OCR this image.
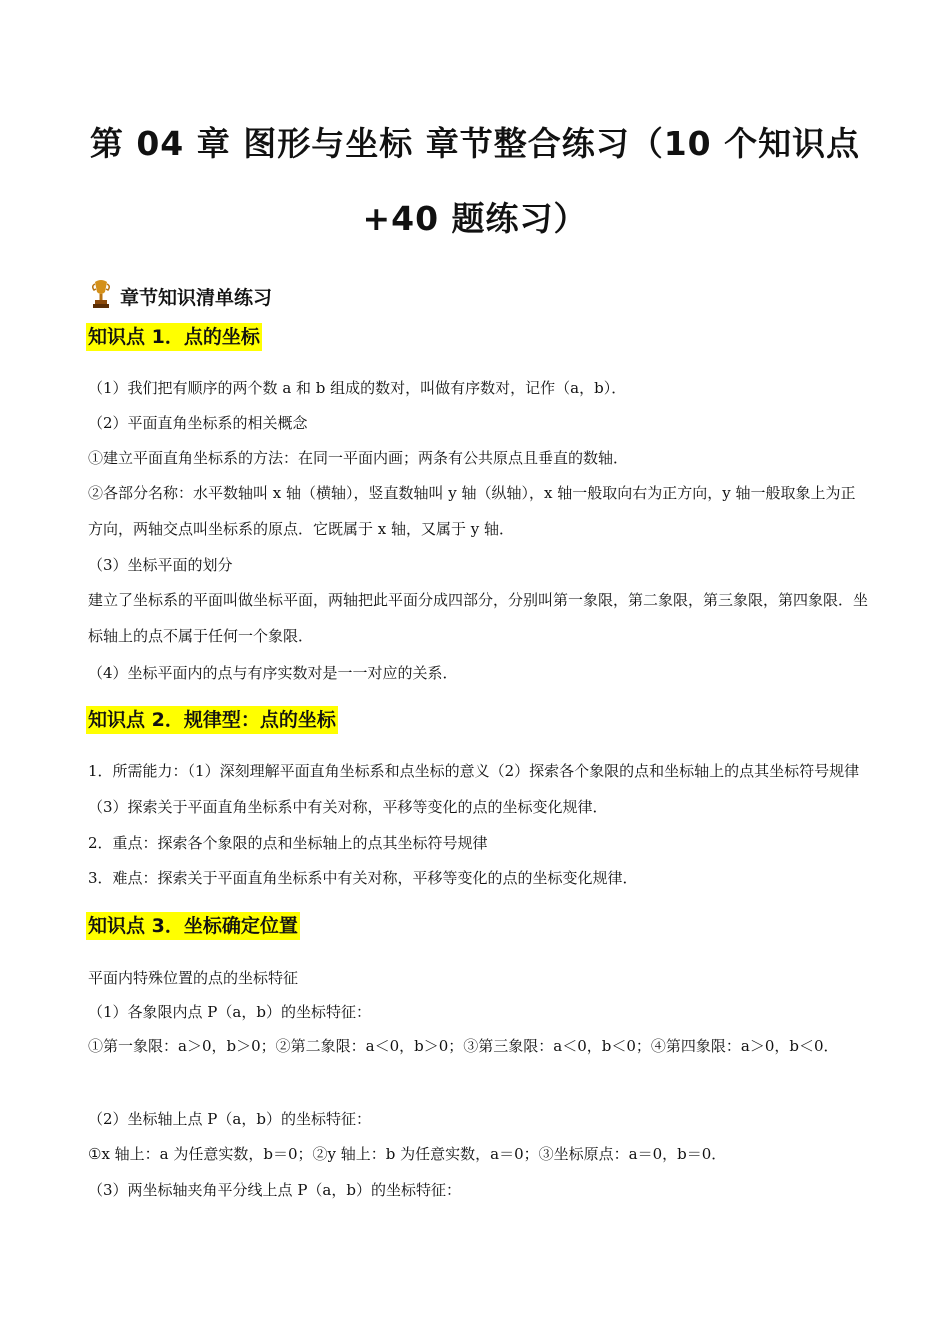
第 04 章 图形与坐标 章节整合练习（10 个知识点
+40 题练习）
章节知识清单练习
知识点 1．点的坐标
（1）我们把有顺序的两个数 a 和 b 组成的数对，叫做有序数对，记作（a，b）．
（2）平面直角坐标系的相关概念
①建立平面直角坐标系的方法：在同一平面内画；两条有公共原点且垂直的数轴．
②各部分名称：水平数轴叫 x 轴（横轴），竖直数轴叫 y 轴（纵轴），x 轴一般取向右为正方向，y 轴一般取象上为正方向，两轴交点叫坐标系的原点．它既属于 x 轴，又属于 y 轴．
（3）坐标平面的划分
建立了坐标系的平面叫做坐标平面，两轴把此平面分成四部分，分别叫第一象限，第二象限，第三象限，第四象限．坐标轴上的点不属于任何一个象限．
（4）坐标平面内的点与有序实数对是一一对应的关系．
知识点 2．规律型：点的坐标
1．所需能力：（1）深刻理解平面直角坐标系和点坐标的意义（2）探索各个象限的点和坐标轴上的点其坐标符号规律（3）探索关于平面直角坐标系中有关对称，平移等变化的点的坐标变化规律．
2．重点：探索各个象限的点和坐标轴上的点其坐标符号规律
3．难点：探索关于平面直角坐标系中有关对称，平移等变化的点的坐标变化规律．
知识点 3．坐标确定位置
平面内特殊位置的点的坐标特征
（1）各象限内点 P（a，b）的坐标特征：
①第一象限：a＞0，b＞0；②第二象限：a＜0，b＞0；③第三象限：a＜0，b＜0；④第四象限：a＞0，b＜0．
（2）坐标轴上点 P（a，b）的坐标特征：
①x 轴上：a 为任意实数，b＝0；②y 轴上：b 为任意实数，a＝0；③坐标原点：a＝0，b＝0．
（3）两坐标轴夹角平分线上点 P（a，b）的坐标特征：
